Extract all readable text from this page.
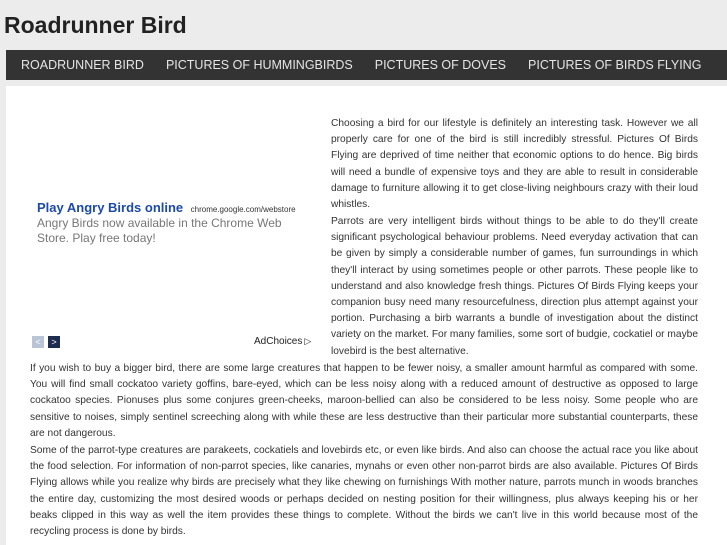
Roadrunner Bird
ROADRUNNER BIRD	PICTURES OF HUMMINGBIRDS	PICTURES OF DOVES	PICTURES OF BIRDS FLYING
Play Angry Birds online chrome.google.com/webstore
Angry Birds now available in the Chrome Web Store. Play free today!
<	>	AdChoices ▷

Choosing a bird for our lifestyle is definitely an interesting task. However we all properly care for one of the bird is still incredibly stressful. Pictures Of Birds Flying are deprived of time neither that economic options to do hence. Big birds will need a bundle of expensive toys and they are able to result in considerable damage to furniture allowing it to get close-living neighbours crazy with their loud whistles.

Parrots are very intelligent birds without things to be able to do they'll create significant psychological behaviour problems. Need everyday activation that can be given by simply a considerable number of games, fun surroundings in which they'll interact by using sometimes people or other parrots. These people like to understand and also knowledge fresh things. Pictures Of Birds Flying keeps your companion busy need many resourcefulness, direction plus attempt against your portion. Purchasing a birb warrants a bundle of investigation about the distinct variety on the market. For many families, some sort of budgie, cockatiel or maybe lovebird is the best alternative.

If you wish to buy a bigger bird, there are some large creatures that happen to be fewer noisy, a smaller amount harmful as compared with some. You will find small cockatoo variety goffins, bare-eyed, which can be less noisy along with a reduced amount of destructive as opposed to large cockatoo species. Pionuses plus some conjures green-cheeks, maroon-bellied can also be considered to be less noisy. Some people who are sensitive to noises, simply sentinel screeching along with while these are less destructive than their particular more substantial counterparts, these are not dangerous.

Some of the parrot-type creatures are parakeets, cockatiels and lovebirds etc, or even like birds. And also can choose the actual race you like about the food selection. For information of non-parrot species, like canaries, mynahs or even other non-parrot birds are also available. Pictures Of Birds Flying allows while you realize why birds are precisely what they like chewing on furnishings With mother nature, parrots munch in woods branches the entire day, customizing the most desired woods or perhaps decided on nesting position for their willingness, plus always keeping his or her beaks clipped in this way as well the item provides these things to complete. Without the birds we can't live in this world because most of the recycling process is done by birds.
